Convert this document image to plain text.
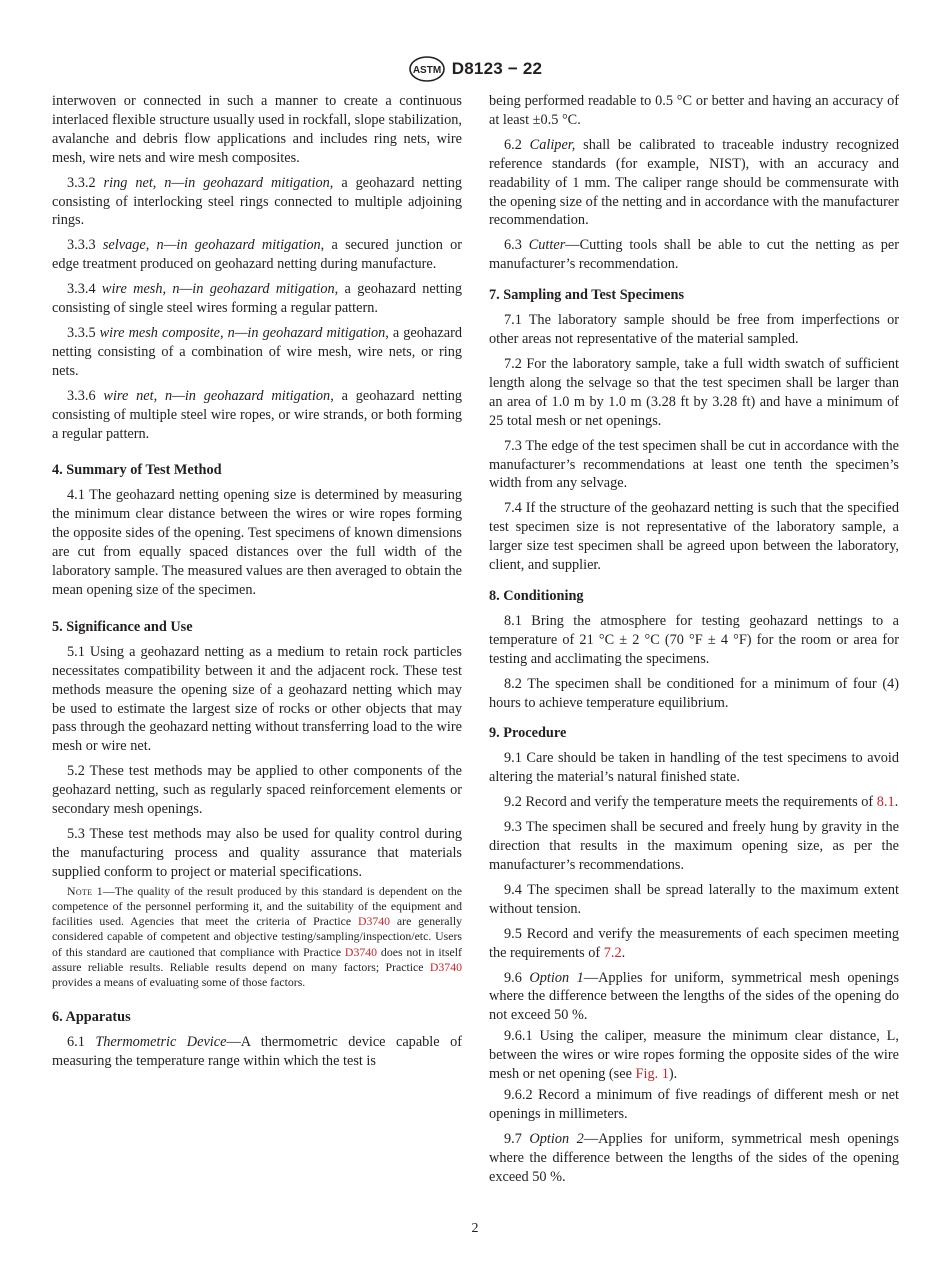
ASTM D8123 − 22

interwoven or connected in such a manner to create a continuous interlaced flexible structure usually used in rockfall, slope stabilization, avalanche and debris flow applications and includes ring nets, wire mesh, wire nets and wire mesh composites.

3.3.2 ring net, n—in geohazard mitigation, a geohazard netting consisting of interlocking steel rings connected to multiple adjoining rings.

3.3.3 selvage, n—in geohazard mitigation, a secured junction or edge treatment produced on geohazard netting during manufacture.

3.3.4 wire mesh, n—in geohazard mitigation, a geohazard netting consisting of single steel wires forming a regular pattern.

3.3.5 wire mesh composite, n—in geohazard mitigation, a geohazard netting consisting of a combination of wire mesh, wire nets, or ring nets.

3.3.6 wire net, n—in geohazard mitigation, a geohazard netting consisting of multiple steel wire ropes, or wire strands, or both forming a regular pattern.

4. Summary of Test Method

4.1 The geohazard netting opening size is determined by measuring the minimum clear distance between the wires or wire ropes forming the opposite sides of the opening. Test specimens of known dimensions are cut from equally spaced distances over the full width of the laboratory sample. The measured values are then averaged to obtain the mean opening size of the specimen.

5. Significance and Use

5.1 Using a geohazard netting as a medium to retain rock particles necessitates compatibility between it and the adjacent rock. These test methods measure the opening size of a geohazard netting which may be used to estimate the largest size of rocks or other objects that may pass through the geohazard netting without transferring load to the wire mesh or wire net.

5.2 These test methods may be applied to other components of the geohazard netting, such as regularly spaced reinforcement elements or secondary mesh openings.

5.3 These test methods may also be used for quality control during the manufacturing process and quality assurance that materials supplied conform to project or material specifications.

Note 1—The quality of the result produced by this standard is dependent on the competence of the personnel performing it, and the suitability of the equipment and facilities used. Agencies that meet the criteria of Practice D3740 are generally considered capable of competent and objective testing/sampling/inspection/etc. Users of this standard are cautioned that compliance with Practice D3740 does not in itself assure reliable results. Reliable results depend on many factors; Practice D3740 provides a means of evaluating some of those factors.

6. Apparatus

6.1 Thermometric Device—A thermometric device capable of measuring the temperature range within which the test is

being performed readable to 0.5 °C or better and having an accuracy of at least ±0.5 °C.

6.2 Caliper, shall be calibrated to traceable industry recognized reference standards (for example, NIST), with an accuracy and readability of 1 mm. The caliper range should be commensurate with the opening size of the netting and in accordance with the manufacturer recommendation.

6.3 Cutter—Cutting tools shall be able to cut the netting as per manufacturer’s recommendation.

7. Sampling and Test Specimens

7.1 The laboratory sample should be free from imperfections or other areas not representative of the material sampled.

7.2 For the laboratory sample, take a full width swatch of sufficient length along the selvage so that the test specimen shall be larger than an area of 1.0 m by 1.0 m (3.28 ft by 3.28 ft) and have a minimum of 25 total mesh or net openings.

7.3 The edge of the test specimen shall be cut in accordance with the manufacturer’s recommendations at least one tenth the specimen’s width from any selvage.

7.4 If the structure of the geohazard netting is such that the specified test specimen size is not representative of the laboratory sample, a larger size test specimen shall be agreed upon between the laboratory, client, and supplier.

8. Conditioning

8.1 Bring the atmosphere for testing geohazard nettings to a temperature of 21 °C ± 2 °C (70 °F ± 4 °F) for the room or area for testing and acclimating the specimens.

8.2 The specimen shall be conditioned for a minimum of four (4) hours to achieve temperature equilibrium.

9. Procedure

9.1 Care should be taken in handling of the test specimens to avoid altering the material’s natural finished state.

9.2 Record and verify the temperature meets the requirements of 8.1.

9.3 The specimen shall be secured and freely hung by gravity in the direction that results in the maximum opening size, as per the manufacturer’s recommendations.

9.4 The specimen shall be spread laterally to the maximum extent without tension.

9.5 Record and verify the measurements of each specimen meeting the requirements of 7.2.

9.6 Option 1—Applies for uniform, symmetrical mesh openings where the difference between the lengths of the sides of the opening do not exceed 50 %.

9.6.1 Using the caliper, measure the minimum clear distance, L, between the wires or wire ropes forming the opposite sides of the wire mesh or net opening (see Fig. 1).

9.6.2 Record a minimum of five readings of different mesh or net openings in millimeters.

9.7 Option 2—Applies for uniform, symmetrical mesh openings where the difference between the lengths of the sides of the opening exceed 50 %.

2
